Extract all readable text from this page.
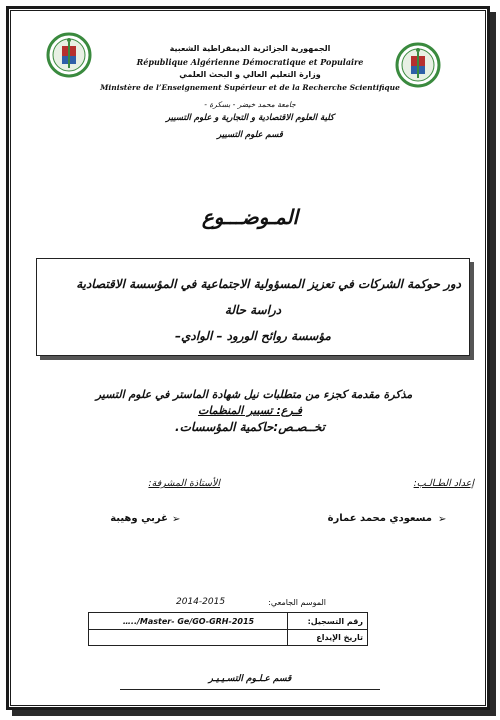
الجمهورية الجزائرية الديمقراطية الشعبية
République Algérienne Démocratique et Populaire
وزارة التعليم العالي و البحث العلمي
Ministère de l’Enseignement Supérieur et de la Recherche Scientifique
جامعة محمد خيضر - بسكرة -
كلية العلوم الاقتصادية و التجارية و علوم التسيير
قسم علوم التسيير
المـوضـــوع
دور حوكمة الشركات في تعزيز المسؤولية الاجتماعية في المؤسسة الاقتصادية
دراسة حالة
مؤسسة روائح الورود – الوادي–
مذكرة مقدمة كجزء من متطلبات نيل شهادة الماستر في علوم التسير
فـرع: تسيير المنظمات
تخــصـص:حاكمية المؤسسات.
إعداد الطـالـب:
الأستاذة المشرفة:
➢
مسعودي محمد عمارة
➢
غربي وهيبة
الموسم الجامعي:
2014-2015
رقم التسجيل:
…../Master- Ge/GO-GRH-2015
تاريخ الإيداع
قسم عـلـوم التسـيـيـر
